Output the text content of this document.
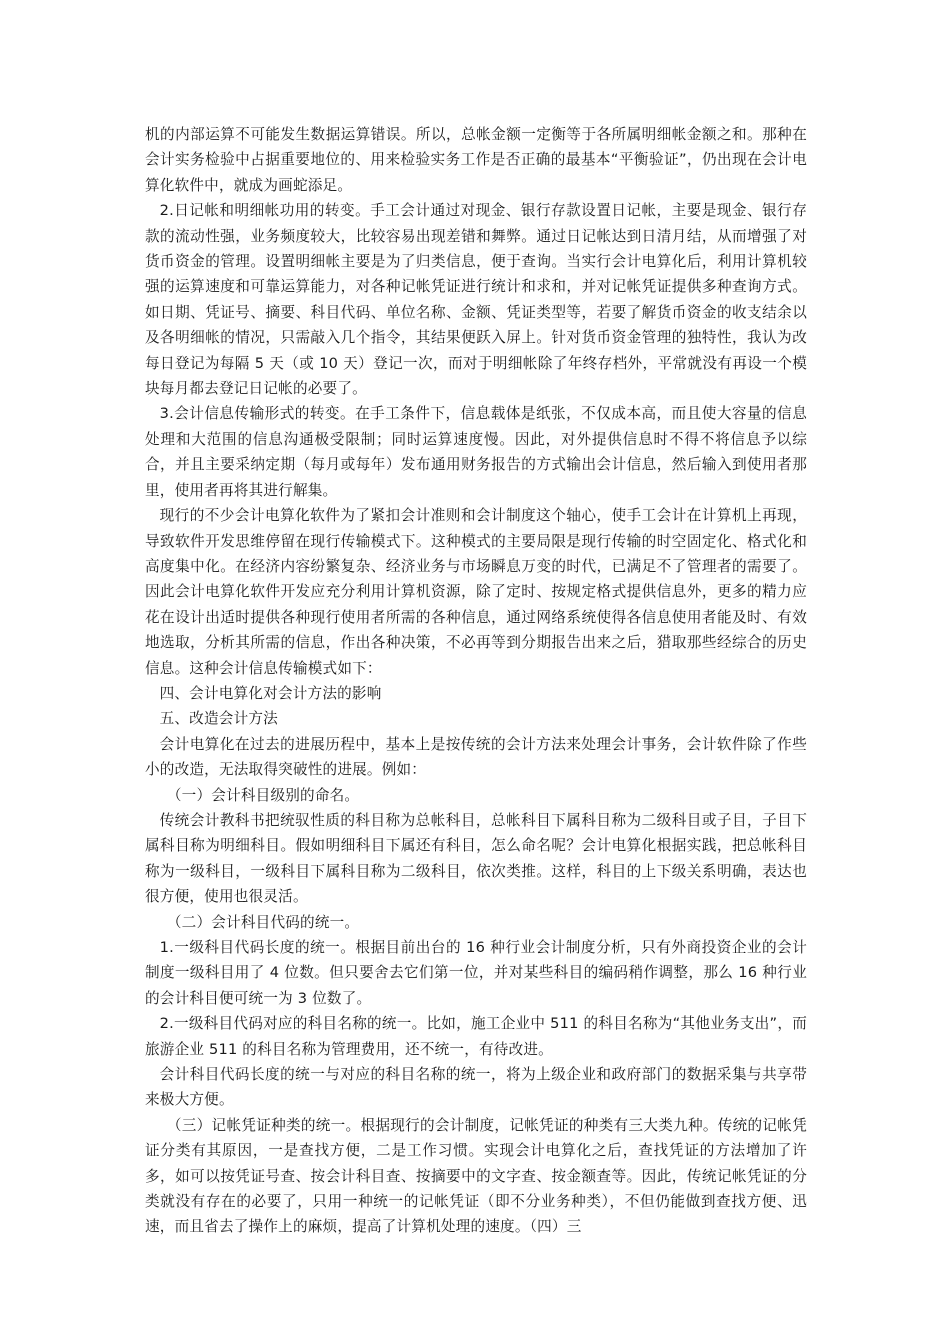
机的内部运算不可能发生数据运算错误。所以，总帐金额一定衡等于各所属明细帐金额之和。那种在会计实务检验中占据重要地位的、用来检验实务工作是否正确的最基本“平衡验证”，仍出现在会计电算化软件中，就成为画蛇添足。

2.日记帐和明细帐功用的转变。手工会计通过对现金、银行存款设置日记帐，主要是现金、银行存款的流动性强，业务频度较大，比较容易出现差错和舞弊。通过日记帐达到日清月结，从而增强了对货币资金的管理。设置明细帐主要是为了归类信息，便于查询。当实行会计电算化后，利用计算机较强的运算速度和可靠运算能力，对各种记帐凭证进行统计和求和，并对记帐凭证提供多种查询方式。如日期、凭证号、摘要、科目代码、单位名称、金额、凭证类型等，若要了解货币资金的收支结余以及各明细帐的情况，只需敲入几个指令，其结果便跃入屏上。针对货币资金管理的独特性，我认为改每日登记为每隔 5 天（或 10 天）登记一次，而对于明细帐除了年终存档外，平常就没有再设一个模块每月都去登记日记帐的必要了。

3.会计信息传输形式的转变。在手工条件下，信息载体是纸张，不仅成本高，而且使大容量的信息处理和大范围的信息沟通极受限制；同时运算速度慢。因此，对外提供信息时不得不将信息予以综合，并且主要采纳定期（每月或每年）发布通用财务报告的方式输出会计信息，然后输入到使用者那里，使用者再将其进行解集。

现行的不少会计电算化软件为了紧扣会计准则和会计制度这个轴心，使手工会计在计算机上再现，导致软件开发思维停留在现行传输模式下。这种模式的主要局限是现行传输的时空固定化、格式化和高度集中化。在经济内容纷繁复杂、经济业务与市场瞬息万变的时代，已满足不了管理者的需要了。因此会计电算化软件开发应充分利用计算机资源，除了定时、按规定格式提供信息外，更多的精力应花在设计出适时提供各种现行使用者所需的各种信息，通过网络系统使得各信息使用者能及时、有效地选取，分析其所需的信息，作出各种决策，不必再等到分期报告出来之后，猎取那些经综合的历史信息。这种会计信息传输模式如下：

四、会计电算化对会计方法的影响

五、改造会计方法

会计电算化在过去的进展历程中，基本上是按传统的会计方法来处理会计事务，会计软件除了作些小的改造，无法取得突破性的进展。例如：

（一）会计科目级别的命名。

传统会计教科书把统驭性质的科目称为总帐科目，总帐科目下属科目称为二级科目或子目，子目下属科目称为明细科目。假如明细科目下属还有科目，怎么命名呢？会计电算化根据实践，把总帐科目称为一级科目，一级科目下属科目称为二级科目，依次类推。这样，科目的上下级关系明确，表达也很方便，使用也很灵活。

（二）会计科目代码的统一。

1.一级科目代码长度的统一。根据目前出台的 16 种行业会计制度分析，只有外商投资企业的会计制度一级科目用了 4 位数。但只要舍去它们第一位，并对某些科目的编码稍作调整，那么 16 种行业的会计科目便可统一为 3 位数了。

2.一级科目代码对应的科目名称的统一。比如，施工企业中 511 的科目名称为“其他业务支出”，而旅游企业 511 的科目名称为管理费用，还不统一，有待改进。

会计科目代码长度的统一与对应的科目名称的统一，将为上级企业和政府部门的数据采集与共享带来极大方便。

（三）记帐凭证种类的统一。根据现行的会计制度，记帐凭证的种类有三大类九种。传统的记帐凭证分类有其原因，一是查找方便，二是工作习惯。实现会计电算化之后，查找凭证的方法增加了许多，如可以按凭证号查、按会计科目查、按摘要中的文字查、按金额查等。因此，传统记帐凭证的分类就没有存在的必要了，只用一种统一的记帐凭证（即不分业务种类），不但仍能做到查找方便、迅速，而且省去了操作上的麻烦，提高了计算机处理的速度。（四）三
